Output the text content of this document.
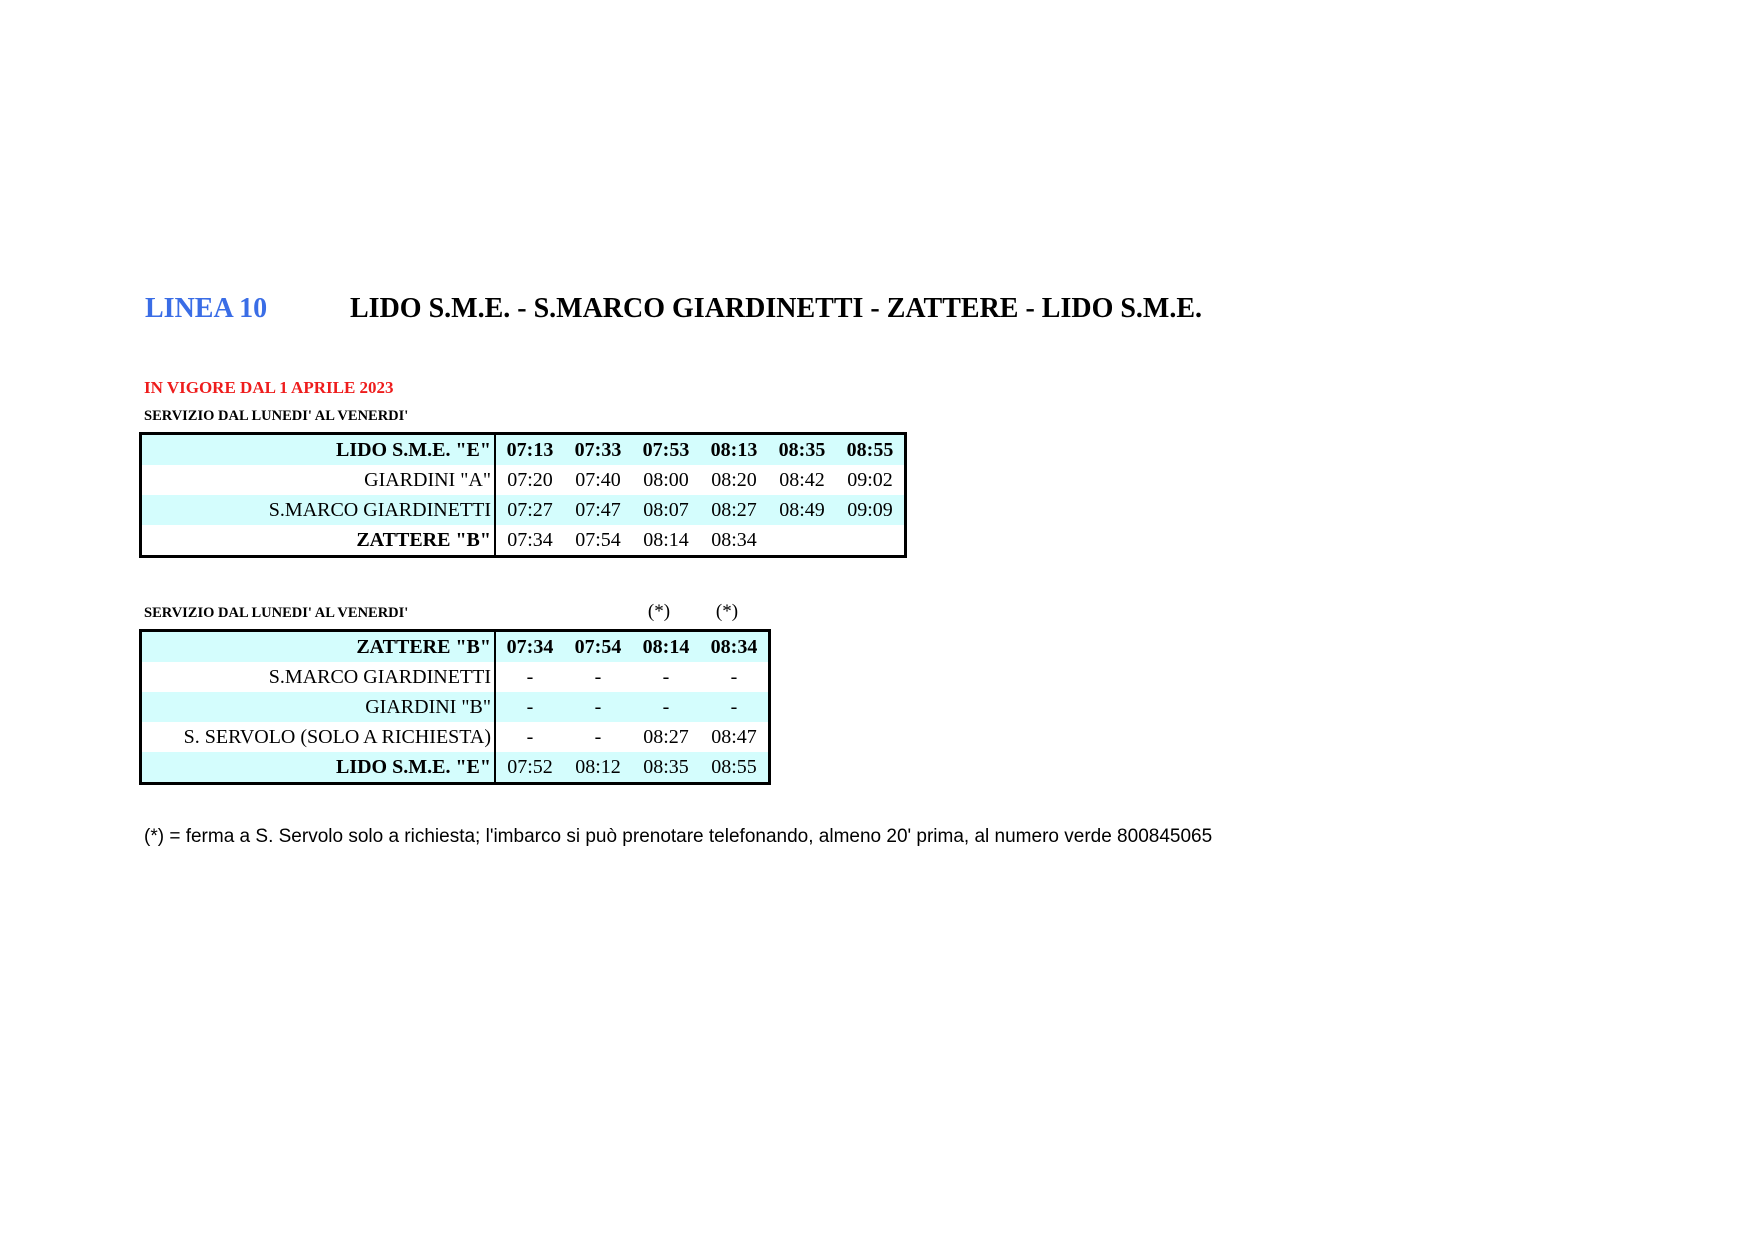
LINEA 10	LIDO S.M.E. - S.MARCO GIARDINETTI - ZATTERE - LIDO S.M.E.
IN VIGORE DAL 1 APRILE 2023
SERVIZIO DAL LUNEDI' AL VENERDI'
LIDO S.M.E. "E"	07:13	07:33	07:53	08:13	08:35	08:55
GIARDINI "A"	07:20	07:40	08:00	08:20	08:42	09:02
S.MARCO GIARDINETTI	07:27	07:47	08:07	08:27	08:49	09:09
ZATTERE "B"	07:34	07:54	08:14	08:34		
SERVIZIO DAL LUNEDI' AL VENERDI'	(*)	(*)
ZATTERE "B"	07:34	07:54	08:14	08:34
S.MARCO GIARDINETTI	-	-	-	-
GIARDINI "B"	-	-	-	-
S. SERVOLO (SOLO A RICHIESTA)	-	-	08:27	08:47
LIDO S.M.E. "E"	07:52	08:12	08:35	08:55
(*) = ferma a S. Servolo solo a richiesta; l'imbarco si può prenotare telefonando, almeno 20' prima, al numero verde 800845065
